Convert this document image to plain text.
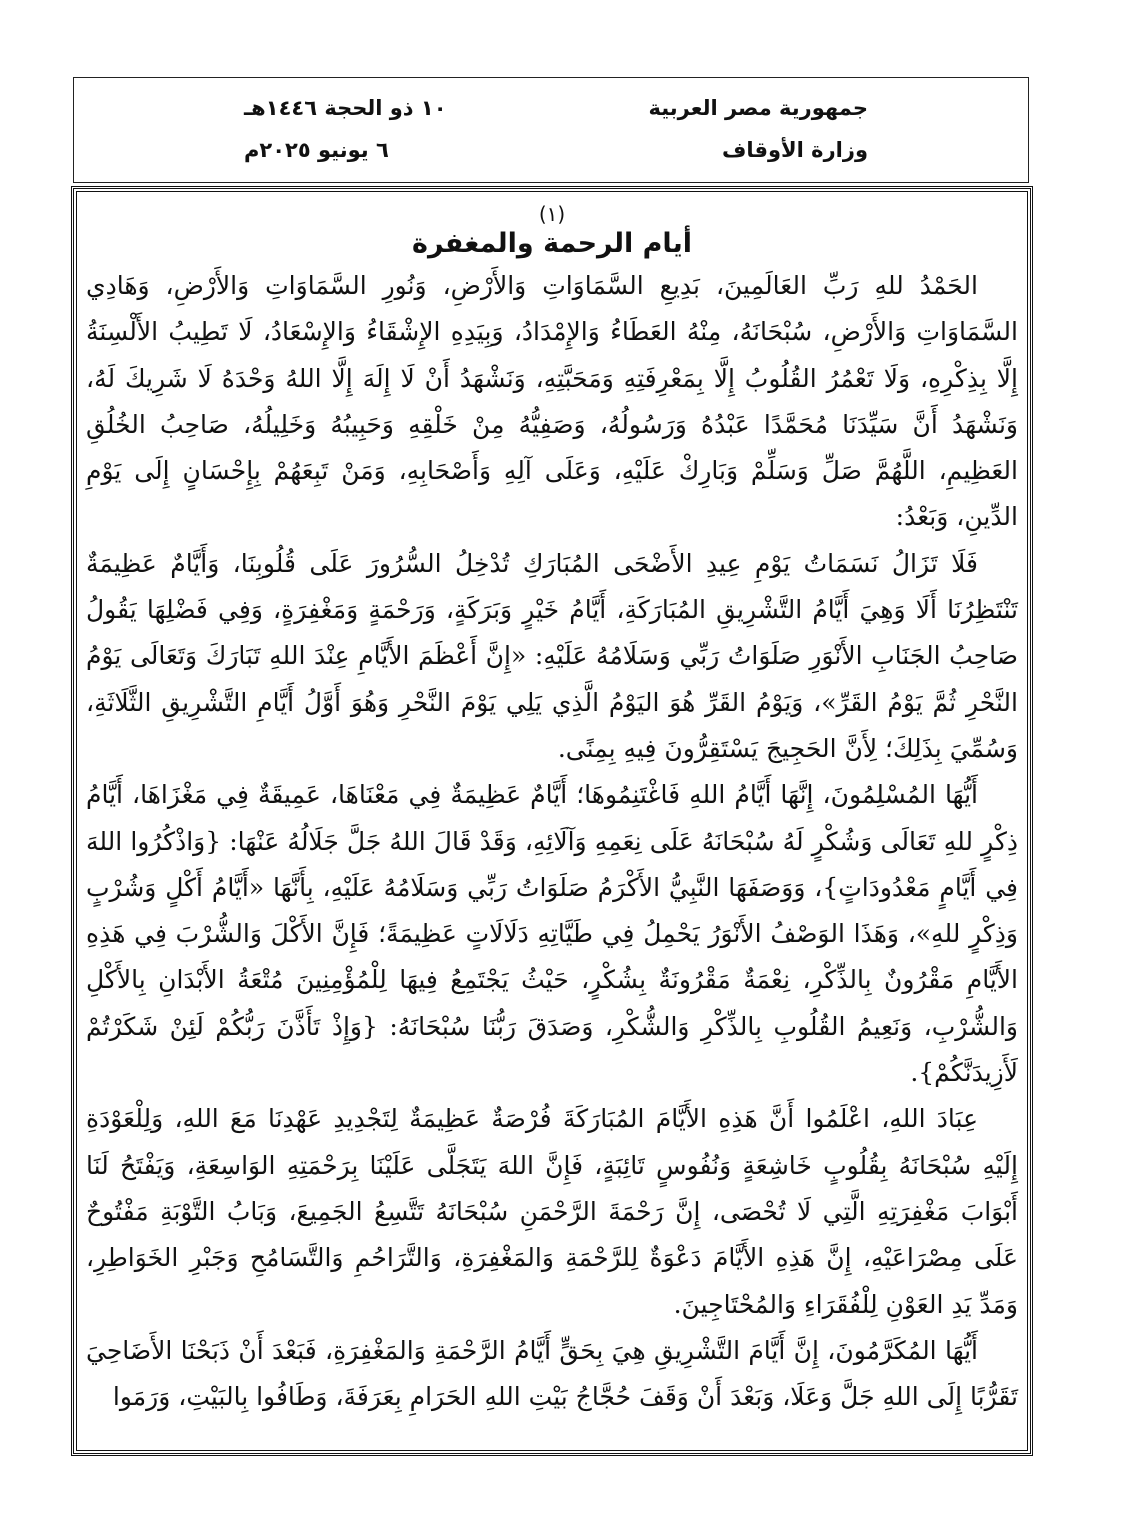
جمهورية مصر العربية
وزارة الأوقاف
١٠ ذو الحجة ١٤٤٦هـ
٦ يونيو ٢٠٢٥م
(١)
أيام الرحمة والمغفرة

الحَمْدُ للهِ رَبِّ العَالَمِينَ، بَدِيعِ السَّمَاوَاتِ وَالأَرْضِ، وَنُورِ السَّمَاوَاتِ وَالأَرْضِ، وَهَادِي السَّمَاوَاتِ وَالأَرْضِ، سُبْحَانَهُ، مِنْهُ العَطَاءُ وَالإِمْدَادُ، وَبِيَدِهِ الإِشْقَاءُ وَالإِسْعَادُ، لَا تَطِيبُ الأَلْسِنَةُ إِلَّا بِذِكْرِهِ، وَلَا تَعْمُرُ القُلُوبُ إِلَّا بِمَعْرِفَتِهِ وَمَحَبَّتِهِ، وَنَشْهَدُ أَنْ لَا إِلَهَ إِلَّا اللهُ وَحْدَهُ لَا شَرِيكَ لَهُ، وَنَشْهَدُ أَنَّ سَيِّدَنَا مُحَمَّدًا عَبْدُهُ وَرَسُولُهُ، وَصَفِيُّهُ مِنْ خَلْقِهِ وَحَبِيبُهُ وَخَلِيلُهُ، صَاحِبُ الخُلُقِ العَظِيمِ، اللَّهُمَّ صَلِّ وَسَلِّمْ وَبَارِكْ عَلَيْهِ، وَعَلَى آلِهِ وَأَصْحَابِهِ، وَمَنْ تَبِعَهُمْ بِإِحْسَانٍ إِلَى يَوْمِ الدِّينِ، وَبَعْدُ:

فَلَا تَزَالُ نَسَمَاتُ يَوْمِ عِيدِ الأَضْحَى المُبَارَكِ تُدْخِلُ السُّرُورَ عَلَى قُلُوبِنَا، وَأَيَّامٌ عَظِيمَةٌ تَنْتَظِرُنَا أَلَا وَهِيَ أَيَّامُ التَّشْرِيقِ المُبَارَكَةِ، أَيَّامُ خَيْرٍ وَبَرَكَةٍ، وَرَحْمَةٍ وَمَغْفِرَةٍ، وَفِي فَضْلِهَا يَقُولُ صَاحِبُ الجَنَابِ الأَنْوَرِ صَلَوَاتُ رَبِّي وَسَلَامُهُ عَلَيْهِ: «إِنَّ أَعْظَمَ الأَيَّامِ عِنْدَ اللهِ تَبَارَكَ وَتَعَالَى يَوْمُ النَّحْرِ ثُمَّ يَوْمُ القَرِّ»، وَيَوْمُ القَرِّ هُوَ اليَوْمُ الَّذِي يَلِي يَوْمَ النَّحْرِ وَهُوَ أَوَّلُ أَيَّامِ التَّشْرِيقِ الثَّلَاثَةِ، وَسُمِّيَ بِذَلِكَ؛ لِأَنَّ الحَجِيجَ يَسْتَقِرُّونَ فِيهِ بِمِنًى.

أَيُّهَا المُسْلِمُونَ، إِنَّهَا أَيَّامُ اللهِ فَاغْتَنِمُوهَا؛ أَيَّامٌ عَظِيمَةٌ فِي مَعْنَاهَا، عَمِيقَةٌ فِي مَغْزَاهَا، أَيَّامُ ذِكْرٍ للهِ تَعَالَى وَشُكْرٍ لَهُ سُبْحَانَهُ عَلَى نِعَمِهِ وَآلَائِهِ، وَقَدْ قَالَ اللهُ جَلَّ جَلَالُهُ عَنْهَا: {وَاذْكُرُوا اللهَ فِي أَيَّامٍ مَعْدُودَاتٍ}، وَوَصَفَهَا النَّبِيُّ الأَكْرَمُ صَلَوَاتُ رَبِّي وَسَلَامُهُ عَلَيْهِ، بِأَنَّهَا «أَيَّامُ أَكْلٍ وَشُرْبٍ وَذِكْرٍ للهِ»، وَهَذَا الوَصْفُ الأَنْوَرُ يَحْمِلُ فِي طَيَّاتِهِ دَلَالَاتٍ عَظِيمَةً؛ فَإِنَّ الأَكْلَ وَالشُّرْبَ فِي هَذِهِ الأَيَّامِ مَقْرُونٌ بِالذِّكْرِ، نِعْمَةٌ مَقْرُونَةٌ بِشُكْرٍ، حَيْثُ يَجْتَمِعُ فِيهَا لِلْمُؤْمِنِينَ مُتْعَةُ الأَبْدَانِ بِالأَكْلِ وَالشُّرْبِ، وَنَعِيمُ القُلُوبِ بِالذِّكْرِ وَالشُّكْرِ، وَصَدَقَ رَبُّنَا سُبْحَانَهُ: {وَإِذْ تَأَذَّنَ رَبُّكُمْ لَئِنْ شَكَرْتُمْ لَأَزِيدَنَّكُمْ}.

عِبَادَ اللهِ، اعْلَمُوا أَنَّ هَذِهِ الأَيَّامَ المُبَارَكَةَ فُرْصَةٌ عَظِيمَةٌ لِتَجْدِيدِ عَهْدِنَا مَعَ اللهِ، وَلِلْعَوْدَةِ إِلَيْهِ سُبْحَانَهُ بِقُلُوبٍ خَاشِعَةٍ وَنُفُوسٍ تَائِبَةٍ، فَإِنَّ اللهَ يَتَجَلَّى عَلَيْنَا بِرَحْمَتِهِ الوَاسِعَةِ، وَيَفْتَحُ لَنَا أَبْوَابَ مَغْفِرَتِهِ الَّتِي لَا تُحْصَى، إِنَّ رَحْمَةَ الرَّحْمَنِ سُبْحَانَهُ تَتَّسِعُ الجَمِيعَ، وَبَابُ التَّوْبَةِ مَفْتُوحٌ عَلَى مِصْرَاعَيْهِ، إِنَّ هَذِهِ الأَيَّامَ دَعْوَةٌ لِلرَّحْمَةِ وَالمَغْفِرَةِ، وَالتَّرَاحُمِ وَالتَّسَامُحِ وَجَبْرِ الخَوَاطِرِ، وَمَدِّ يَدِ العَوْنِ لِلْفُقَرَاءِ وَالمُحْتَاجِينَ.

أَيُّهَا المُكَرَّمُونَ، إِنَّ أَيَّامَ التَّشْرِيقِ هِيَ بِحَقٍّ أَيَّامُ الرَّحْمَةِ وَالمَغْفِرَةِ، فَبَعْدَ أَنْ ذَبَحْنَا الأَضَاحِيَ تَقَرُّبًا إِلَى اللهِ جَلَّ وَعَلَا، وَبَعْدَ أَنْ وَقَفَ حُجَّاجُ بَيْتِ اللهِ الحَرَامِ بِعَرَفَةَ، وَطَافُوا بِالبَيْتِ، وَرَمَوا
